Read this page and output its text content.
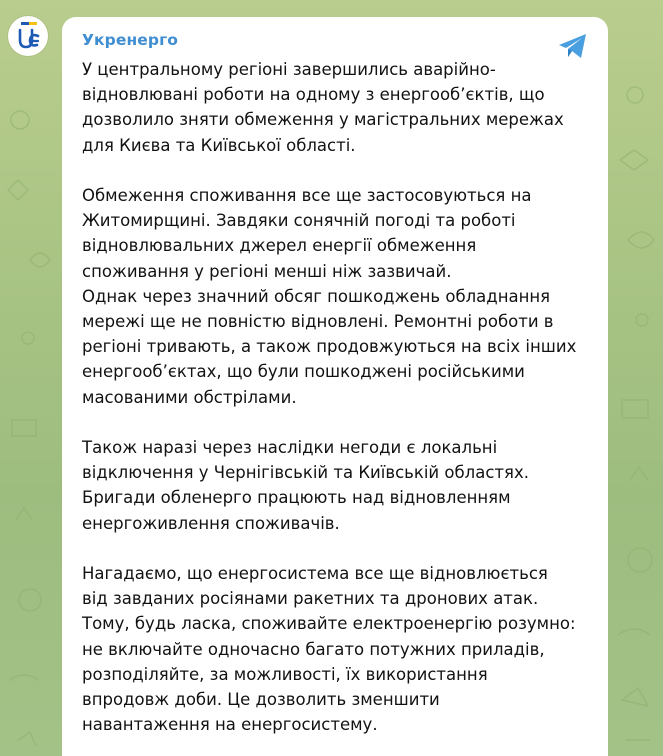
Укренерго

У центральному регіоні завершились аварійно-
відновлювані роботи на одному з енергооб’єктів, що
дозволило зняти обмеження у магістральних мережах
для Києва та Київської області.

Обмеження споживання все ще застосовуються на
Житомирщині. Завдяки сонячній погоді та роботі
відновлювальних джерел енергії обмеження
споживання у регіоні менші ніж зазвичай.
Однак через значний обсяг пошкоджень обладнання
мережі ще не повністю відновлені. Ремонтні роботи в
регіоні тривають, а також продовжуються на всіх інших
енергооб’єктах, що були пошкоджені російськими
масованими обстрілами.

Також наразі через наслідки негоди є локальні
відключення у Чернігівській та Київській областях.
Бригади обленерго працюють над відновленням
енергоживлення споживачів.

Нагадаємо, що енергосистема все ще відновлюється
від завданих росіянами ракетних та дронових атак.
Тому, будь ласка, споживайте електроенергію розумно:
не включайте одночасно багато потужних приладів,
розподіляйте, за можливості, їх використання
впродовж доби. Це дозволить зменшити
навантаження на енергосистему.
